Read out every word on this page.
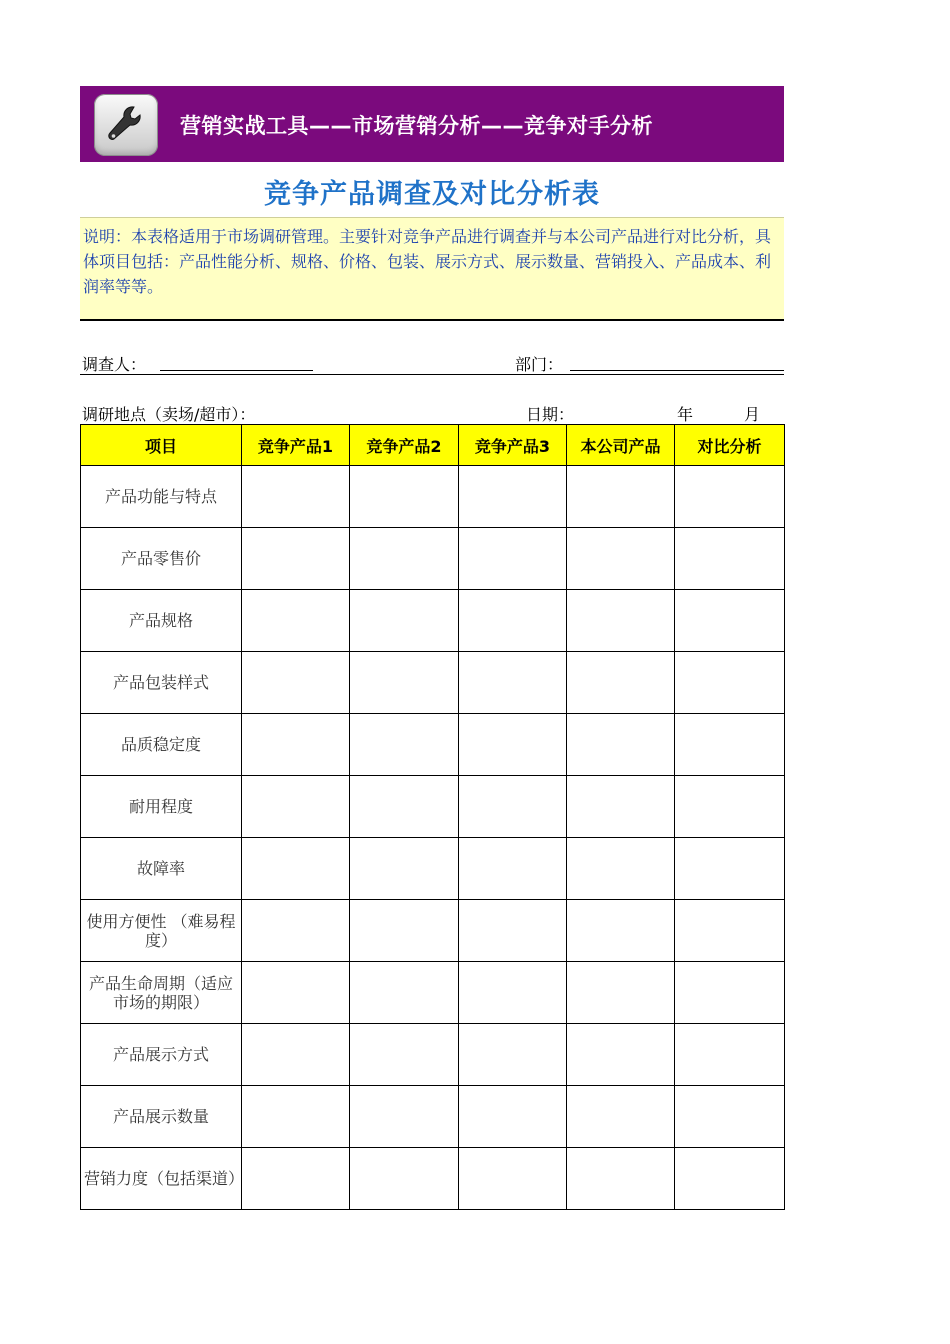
营销实战工具——市场营销分析——竞争对手分析
竞争产品调查及对比分析表
说明：本表格适用于市场调研管理。主要针对竞争产品进行调查并与本公司产品进行对比分析，具体项目包括：产品性能分析、规格、价格、包装、展示方式、展示数量、营销投入、产品成本、利润率等等。
调查人：	部门：
调研地点（卖场/超市）：	日期：	年	月
项目	竞争产品1	竞争产品2	竞争产品3	本公司产品	对比分析
产品功能与特点					
产品零售价					
产品规格					
产品包装样式					
品质稳定度					
耐用程度					
故障率					
使用方便性 （难易程度）					
产品生命周期（适应市场的期限）					
产品展示方式					
产品展示数量					
营销力度（包括渠道）					
